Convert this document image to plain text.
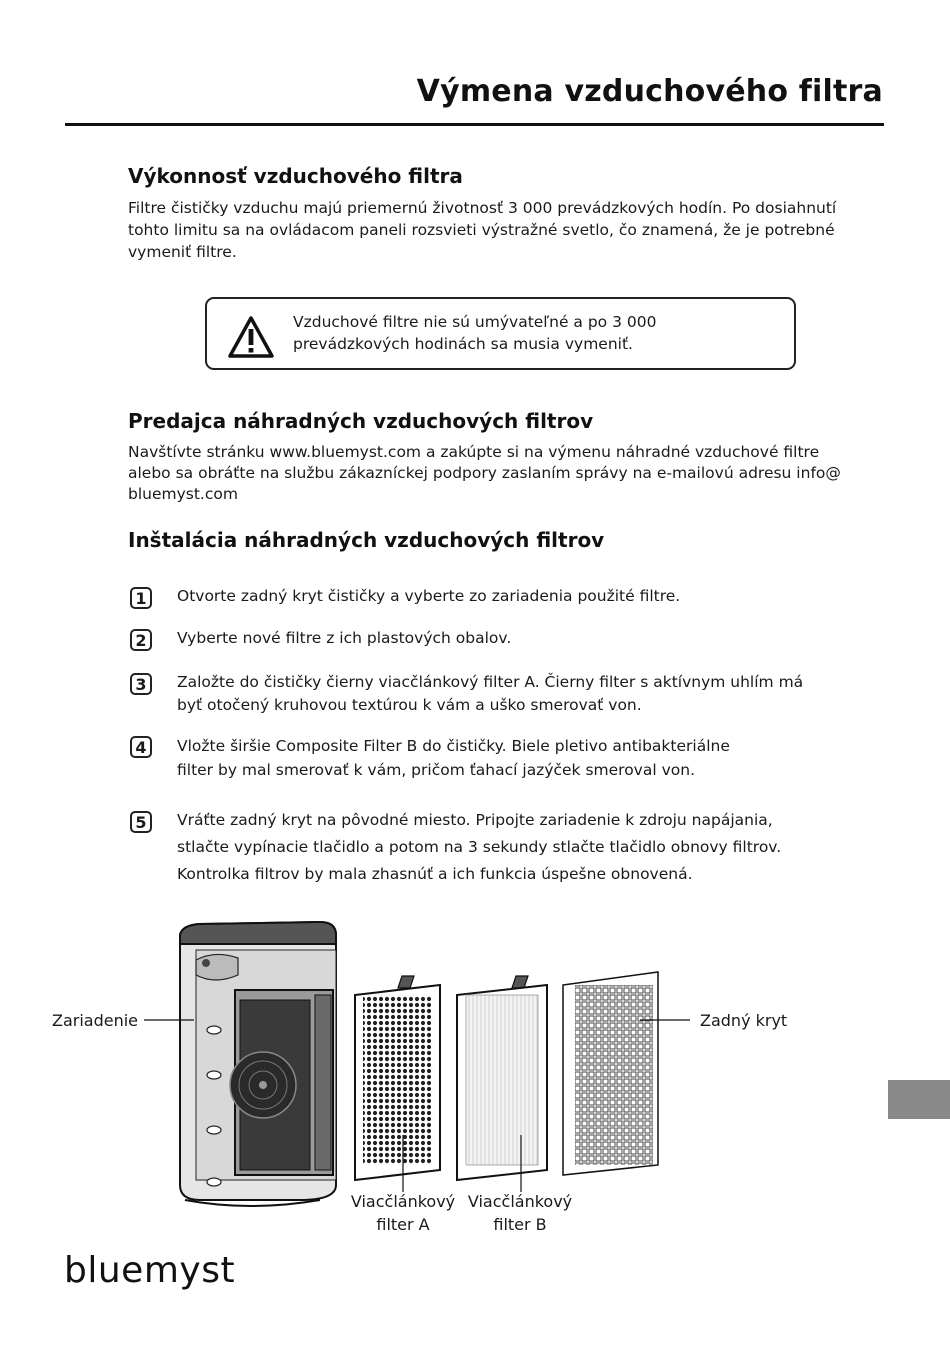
Výmena vzduchového filtra
Výkonnosť vzduchového filtra
Filtre čističky vzduchu majú priemernú životnosť 3 000 prevádzkových hodín. Po dosiahnutí
tohto limitu sa na ovládacom paneli rozsvieti výstražné svetlo, čo znamená, že je potrebné
vymeniť filtre.
Vzduchové filtre nie sú umývateľné a po 3 000
prevádzkových hodinách sa musia vymeniť.
Predajca náhradných vzduchových filtrov
Navštívte stránku www.bluemyst.com a zakúpte si na výmenu náhradné vzduchové filtre
alebo sa obráťte na službu zákazníckej podpory zaslaním správy na e-mailovú adresu info@
bluemyst.com
Inštalácia náhradných vzduchových filtrov
1	Otvorte zadný kryt čističky a vyberte zo zariadenia použité filtre.
2	Vyberte nové filtre z ich plastových obalov.
3	Založte do čističky čierny viacčlánkový filter A. Čierny filter s aktívnym uhlím má
byť otočený kruhovou textúrou k vám a uško smerovať von.
4	Vložte širšie Composite Filter B do čističky. Biele pletivo antibakteriálne
filter by mal smerovať k vám, pričom ťahací jazýček smeroval von.
5	Vráťte zadný kryt na pôvodné miesto. Pripojte zariadenie k zdroju napájania,
stlačte vypínacie tlačidlo a potom na 3 sekundy stlačte tlačidlo obnovy filtrov.
Kontrolka filtrov by mala zhasnúť a ich funkcia úspešne obnovená.
Zariadenie	Zadný kryt
Viacčlánkový
filter A
Viacčlánkový
filter B
bluemyst
